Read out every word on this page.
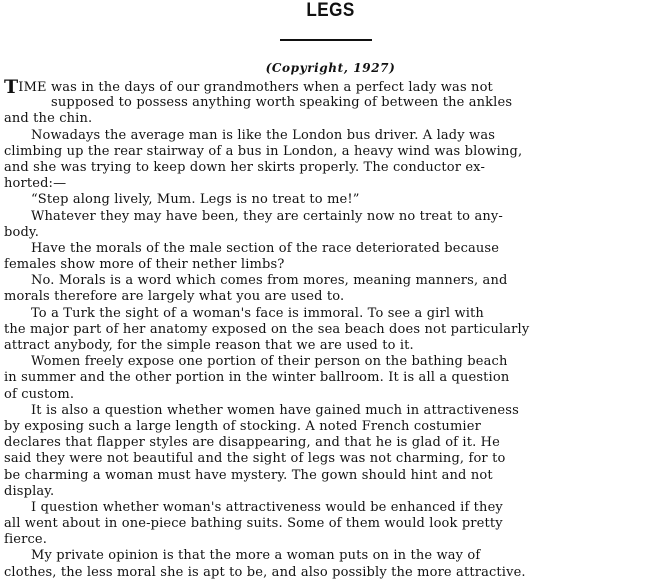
LEGS
(Copyright, 1927)
TIME was in the days of our grandmothers when a perfect lady was not
supposed to possess anything worth speaking of between the ankles
and the chin.
Nowadays the average man is like the London bus driver. A lady was
climbing up the rear stairway of a bus in London, a heavy wind was blowing,
and she was trying to keep down her skirts properly. The conductor ex-
horted:—
“Step along lively, Mum. Legs is no treat to me!”
Whatever they may have been, they are certainly now no treat to any-
body.
Have the morals of the male section of the race deteriorated because
females show more of their nether limbs?
No. Morals is a word which comes from mores, meaning manners, and
morals therefore are largely what you are used to.
To a Turk the sight of a woman's face is immoral. To see a girl with
the major part of her anatomy exposed on the sea beach does not particularly
attract anybody, for the simple reason that we are used to it.
Women freely expose one portion of their person on the bathing beach
in summer and the other portion in the winter ballroom. It is all a question
of custom.
It is also a question whether women have gained much in attractiveness
by exposing such a large length of stocking. A noted French costumier
declares that flapper styles are disappearing, and that he is glad of it. He
said they were not beautiful and the sight of legs was not charming, for to
be charming a woman must have mystery. The gown should hint and not
display.
I question whether woman's attractiveness would be enhanced if they
all went about in one-piece bathing suits. Some of them would look pretty
fierce.
My private opinion is that the more a woman puts on in the way of
clothes, the less moral she is apt to be, and also possibly the more attractive.
